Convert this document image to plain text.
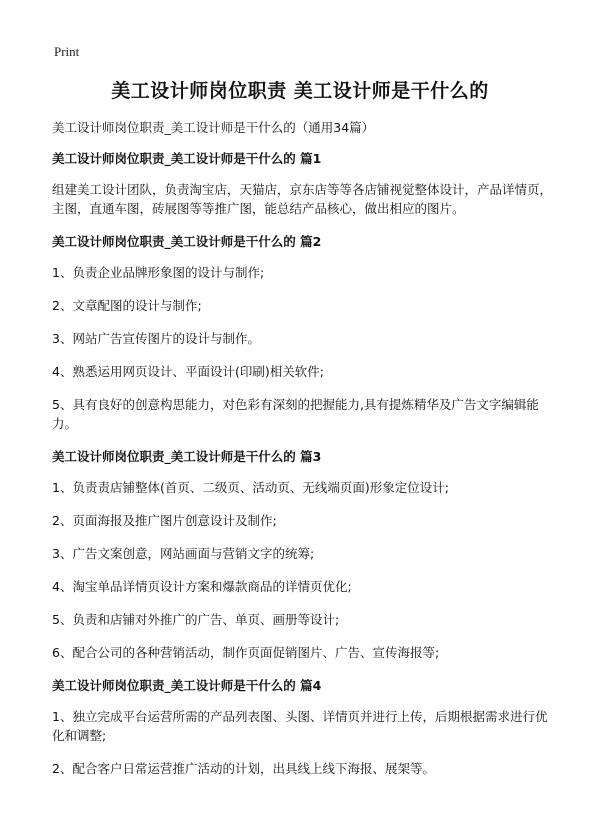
Print
美工设计师岗位职责 美工设计师是干什么的

美工设计师岗位职责_美工设计师是干什么的（通用34篇）

美工设计师岗位职责_美工设计师是干什么的 篇1

组建美工设计团队，负责淘宝店，天猫店，京东店等等各店铺视觉整体设计，产品详情页，主图，直通车图，砖展图等等推广图，能总结产品核心，做出相应的图片。

美工设计师岗位职责_美工设计师是干什么的 篇2

1、负责企业品牌形象图的设计与制作;

2、文章配图的设计与制作;

3、网站广告宣传图片的设计与制作。

4、熟悉运用网页设计、平面设计(印刷)相关软件;

5、具有良好的创意构思能力，对色彩有深刻的把握能力,具有提炼精华及广告文字编辑能力。

美工设计师岗位职责_美工设计师是干什么的 篇3

1、负责责店铺整体(首页、二级页、活动页、无线端页面)形象定位设计;

2、页面海报及推广图片创意设计及制作;

3、广告文案创意，网站画面与营销文字的统筹;

4、淘宝单品详情页设计方案和爆款商品的详情页优化;

5、负责和店铺对外推广的广告、单页、画册等设计;

6、配合公司的各种营销活动，制作页面促销图片、广告、宣传海报等;

美工设计师岗位职责_美工设计师是干什么的 篇4

1、独立完成平台运营所需的产品列表图、头图、详情页并进行上传，后期根据需求进行优化和调整;

2、配合客户日常运营推广活动的计划，出具线上线下海报、展架等。
